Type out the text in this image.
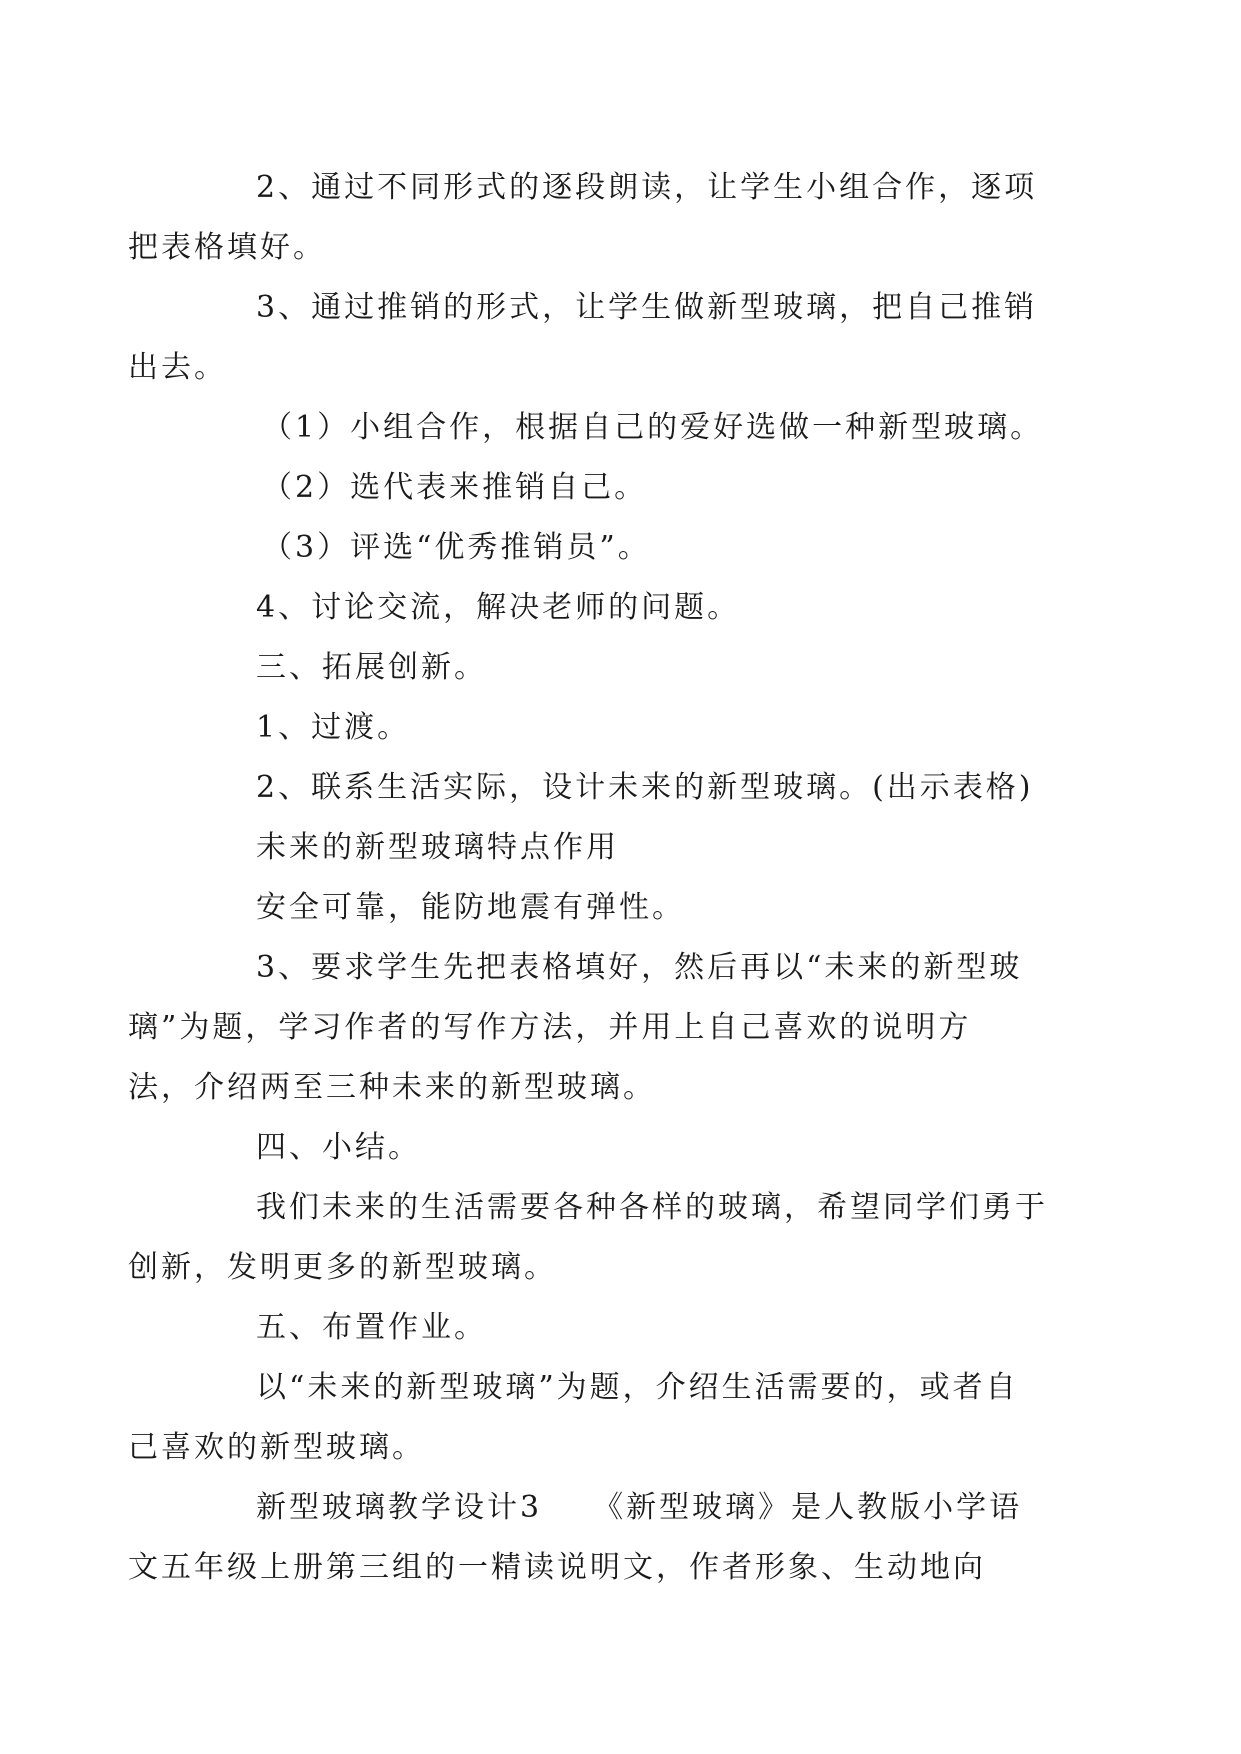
2、通过不同形式的逐段朗读，让学生小组合作，逐项
把表格填好。

3、通过推销的形式，让学生做新型玻璃，把自己推销
出去。

（1）小组合作，根据自己的爱好选做一种新型玻璃。

（2）选代表来推销自己。

（3）评选“优秀推销员”。

4、讨论交流，解决老师的问题。

三、拓展创新。

1、过渡。

2、联系生活实际，设计未来的新型玻璃。(出示表格)

未来的新型玻璃特点作用

安全可靠，能防地震有弹性。

3、要求学生先把表格填好，然后再以“未来的新型玻
璃”为题，学习作者的写作方法，并用上自己喜欢的说明方
法，介绍两至三种未来的新型玻璃。

四、小结。

我们未来的生活需要各种各样的玻璃，希望同学们勇于
创新，发明更多的新型玻璃。

五、布置作业。

以“未来的新型玻璃”为题，介绍生活需要的，或者自
己喜欢的新型玻璃。

新型玻璃教学设计3　　《新型玻璃》是人教版小学语
文五年级上册第三组的一精读说明文，作者形象、生动地向
